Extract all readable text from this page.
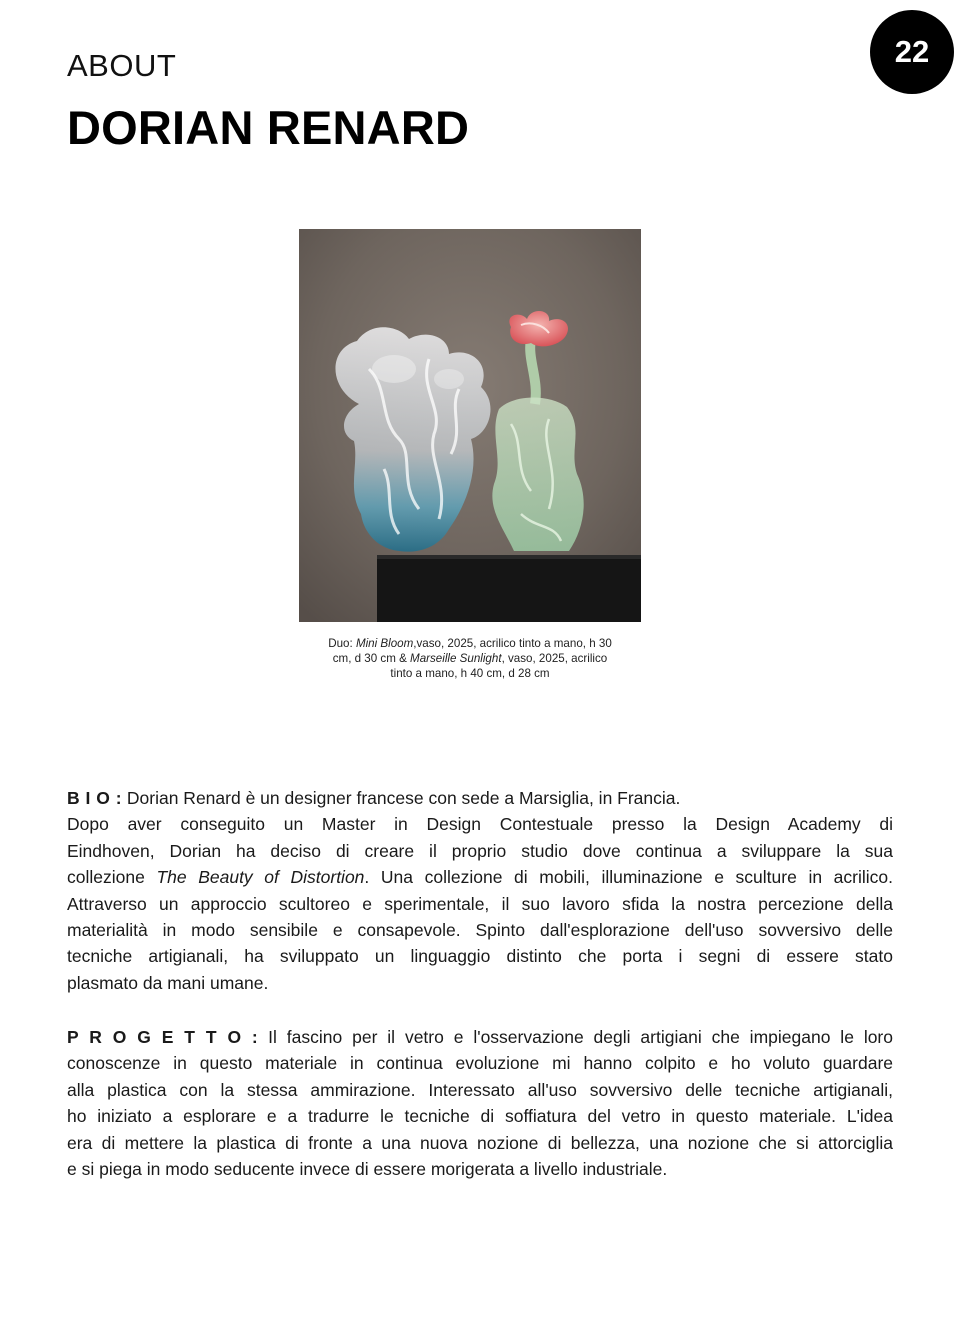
22
ABOUT
DORIAN RENARD
Duo: Mini Bloom,vaso, 2025, acrilico tinto a mano, h 30
cm, d 30 cm & Marseille Sunlight, vaso, 2025, acrilico
tinto a mano, h 40 cm, d 28 cm
B I O : Dorian Renard è un designer francese con sede a Marsiglia, in Francia.
Dopo aver conseguito un Master in Design Contestuale presso la Design Academy di
Eindhoven, Dorian ha deciso di creare il proprio studio dove continua a sviluppare la sua
collezione The Beauty of Distortion. Una collezione di mobili, illuminazione e sculture in acrilico.
Attraverso un approccio scultoreo e sperimentale, il suo lavoro sfida la nostra percezione della
materialità in modo sensibile e consapevole. Spinto dall'esplorazione dell'uso sovversivo delle
tecniche artigianali, ha sviluppato un linguaggio distinto che porta i segni di essere stato
plasmato da mani umane.
P R O G E T T O : Il fascino per il vetro e l'osservazione degli artigiani che impiegano le loro
conoscenze in questo materiale in continua evoluzione mi hanno colpito e ho voluto guardare
alla plastica con la stessa ammirazione. Interessato all'uso sovversivo delle tecniche artigianali,
ho iniziato a esplorare e a tradurre le tecniche di soffiatura del vetro in questo materiale. L'idea
era di mettere la plastica di fronte a una nuova nozione di bellezza, una nozione che si attorciglia
e si piega in modo seducente invece di essere morigerata a livello industriale.
